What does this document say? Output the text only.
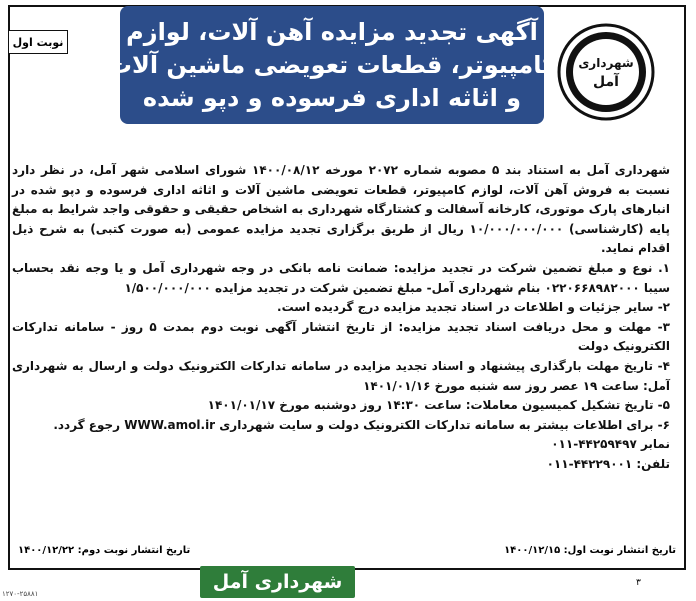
نوبت اول	آگهی تجدید مزایده آهن آلات، لوازم
کامپیوتر، قطعات تعویضی ماشین آلات
و اثاثه اداری فرسوده و دپو شده
شهرداری
آمل

شهرداری آمل به استناد بند ۵ مصوبه شماره ۲۰۷۲ مورخه ۱۴۰۰/۰۸/۱۲ شورای اسلامی شهر آمل، در نظر دارد نسبت به فروش آهن آلات، لوازم کامپیوتر، قطعات تعویضی ماشین آلات و اثاثه اداری فرسوده و دپو شده در انبارهای پارک موتوری، کارخانه آسفالت و کشتارگاه شهرداری به اشخاص حقیقی و حقوقی واجد شرایط به مبلغ پایه (کارشناسی) ۱۰/۰۰۰/۰۰۰/۰۰۰ ریال از طریق برگزاری تجدید مزایده عمومی (به صورت کتبی) به شرح ذیل اقدام نماید.

۱. نوع و مبلغ تضمین شرکت در تجدید مزایده: ضمانت نامه بانکی در وجه شهرداری آمل و یا وجه نقد بحساب سیبا ۰۲۲۰۶۶۸۹۸۲۰۰۰ بنام شهرداری آمل- مبلغ تضمین شرکت در تجدید مزایده ۱/۵۰۰/۰۰۰/۰۰۰

۲- سایر جزئیات و اطلاعات در اسناد تجدید مزایده درج گردیده است.

۳- مهلت و محل دریافت اسناد تجدید مزایده: از تاریخ انتشار آگهی نوبت دوم بمدت ۵ روز - سامانه تدارکات الکترونیک دولت

۴- تاریخ مهلت بارگذاری پیشنهاد و اسناد تجدید مزایده در سامانه تدارکات الکترونیک دولت و ارسال به شهرداری آمل: ساعت ۱۹ عصر روز سه شنبه مورخ ۱۴۰۱/۰۱/۱۶

۵- تاریخ تشکیل کمیسیون معاملات: ساعت ۱۴:۳۰ روز دوشنبه مورخ ۱۴۰۱/۰۱/۱۷

۶- برای اطلاعات بیشتر به سامانه تدارکات الکترونیک دولت و سایت شهرداری WWW.amol.ir رجوع گردد.

نمابر ۴۴۲۵۹۴۹۷-۰۱۱

تلفن: ۴۴۲۲۹۰۰۱-۰۱۱

تاریخ انتشار نوبت اول: ۱۴۰۰/۱۲/۱۵
تاریخ انتشار نوبت دوم: ۱۴۰۰/۱۲/۲۲
شهرداری آمل	۳
۱۲۷۰-۲۵۸۸۱
